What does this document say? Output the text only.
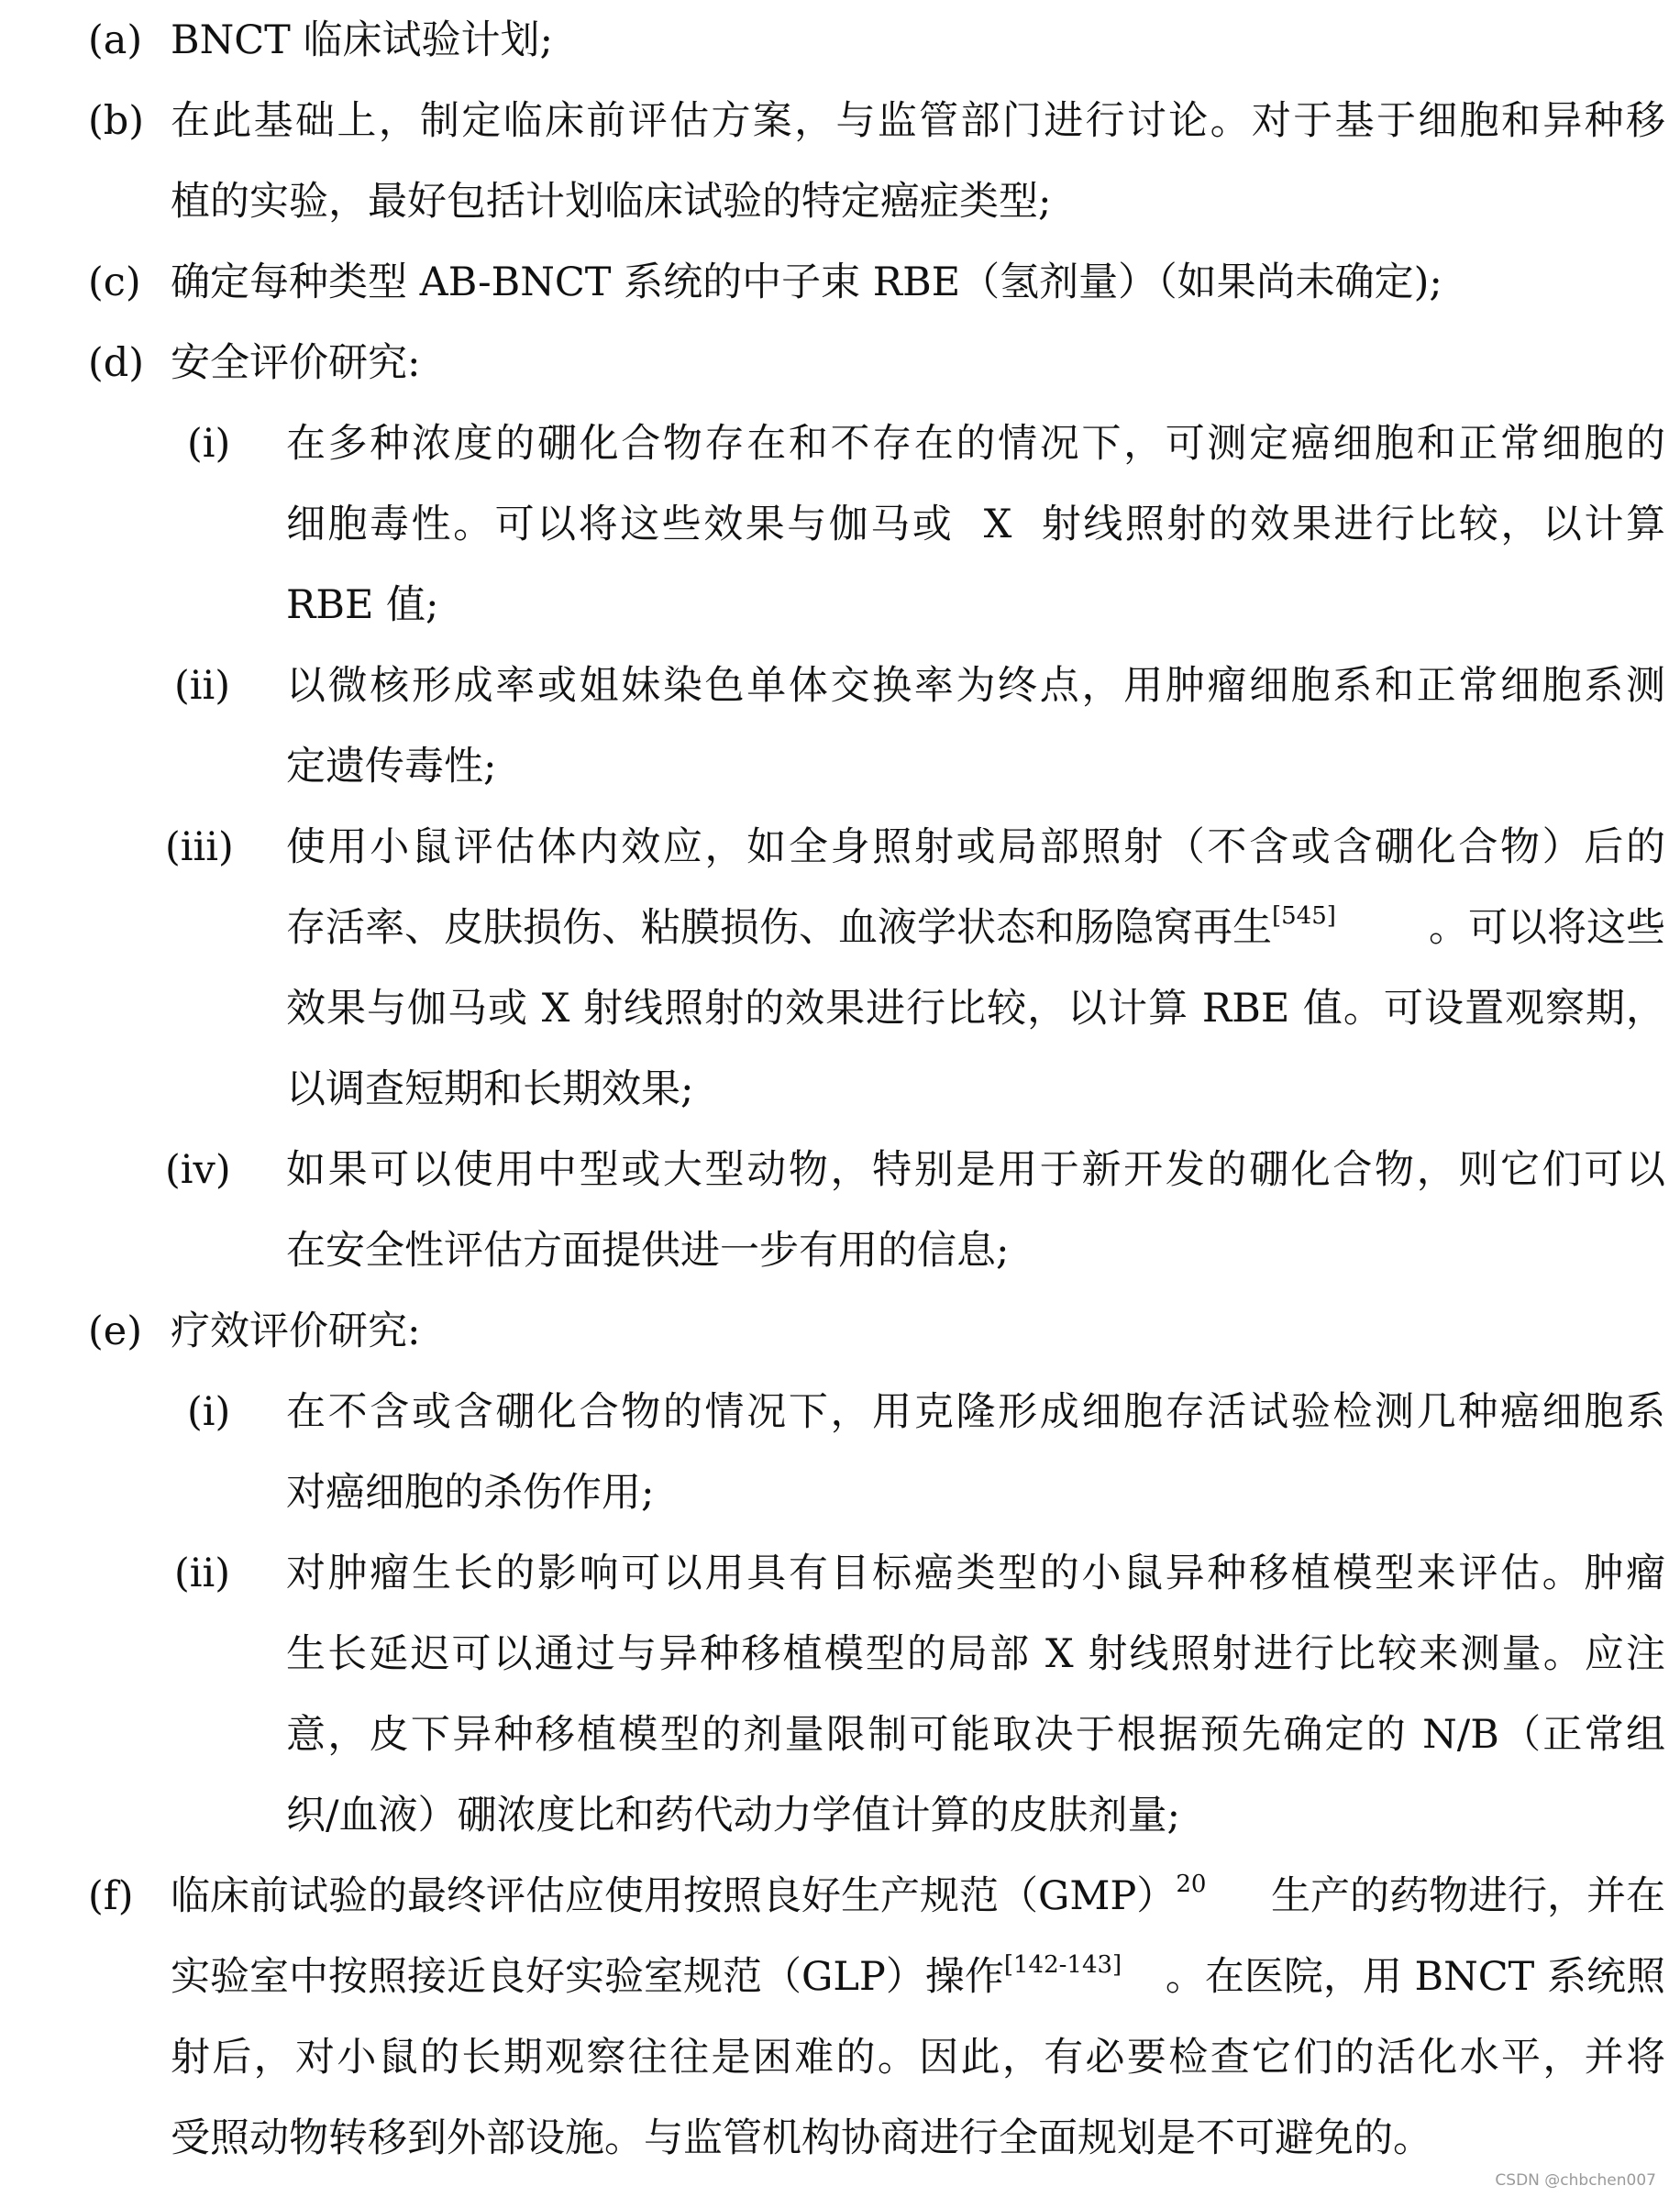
(a) BNCT 临床试验计划;
(b) 在此基础上，制定临床前评估方案，与监管部门进行讨论。对于基于细胞和异种移
植的实验，最好包括计划临床试验的特定癌症类型;
(c) 确定每种类型 AB-BNCT 系统的中子束 RBE（氢剂量）（如果尚未确定);
(d) 安全评价研究:
(i) 在多种浓度的硼化合物存在和不存在的情况下，可测定癌细胞和正常细胞的
细胞毒性。可以将这些效果与伽马或  X  射线照射的效果进行比较，以计算
RBE 值;
(ii) 以微核形成率或姐妹染色单体交换率为终点，用肿瘤细胞系和正常细胞系测
定遗传毒性;
(iii) 使用小鼠评估体内效应，如全身照射或局部照射（不含或含硼化合物）后的
存活率、皮肤损伤、粘膜损伤、血液学状态和肠隐窝再生[545] 。可以将这些
效果与伽马或 X 射线照射的效果进行比较，以计算 RBE 值。可设置观察期，
以调查短期和长期效果;
(iv) 如果可以使用中型或大型动物，特别是用于新开发的硼化合物，则它们可以
在安全性评估方面提供进一步有用的信息;
(e) 疗效评价研究:
(i) 在不含或含硼化合物的情况下，用克隆形成细胞存活试验检测几种癌细胞系
对癌细胞的杀伤作用;
(ii) 对肿瘤生长的影响可以用具有目标癌类型的小鼠异种移植模型来评估。肿瘤
生长延迟可以通过与异种移植模型的局部 X 射线照射进行比较来测量。应注
意，皮下异种移植模型的剂量限制可能取决于根据预先确定的 N/B（正常组
织/血液）硼浓度比和药代动力学值计算的皮肤剂量;
(f) 临床前试验的最终评估应使用按照良好生产规范（GMP）$^{20}$ 生产的药物进行，并在
实验室中按照接近良好实验室规范（GLP）操作[142-143] 。在医院，用 BNCT 系统照
射后，对小鼠的长期观察往往是困难的。因此，有必要检查它们的活化水平，并将
受照动物转移到外部设施。与监管机构协商进行全面规划是不可避免的。
CSDN @chbchen007
